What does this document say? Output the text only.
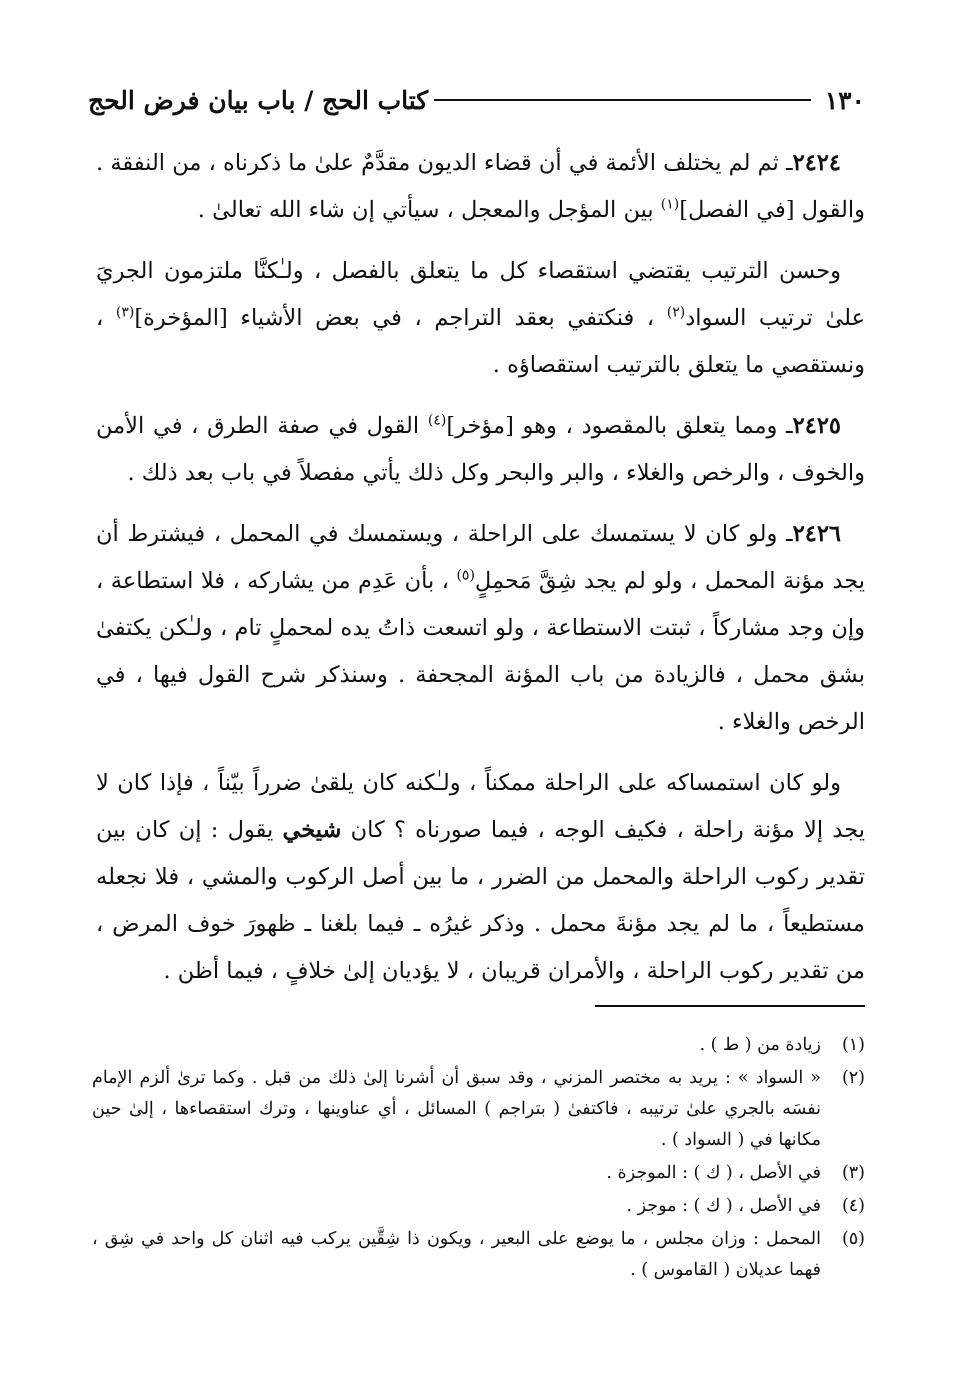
١٣٠
كتاب الحج / باب بيان فرض الحج

٢٤٢٤ـ ثم لم يختلف الأئمة في أن قضاء الديون مقدَّمٌ علىٰ ما ذكرناه ، من النفقة . والقول [في الفصل]$^{(١)}$ بين المؤجل والمعجل ، سيأتي إن شاء الله تعالىٰ .

وحسن الترتيب يقتضي استقصاء كل ما يتعلق بالفصل ، ولـٰكنَّا ملتزمون الجريَ علىٰ ترتيب السواد$^{(٢)}$ ، فنكتفي بعقد التراجم ، في بعض الأشياء [المؤخرة]$^{(٣)}$ ، ونستقصي ما يتعلق بالترتيب استقصاؤه .

٢٤٢٥ـ ومما يتعلق بالمقصود ، وهو [مؤخر]$^{(٤)}$ القول في صفة الطرق ، في الأمن والخوف ، والرخص والغلاء ، والبر والبحر وكل ذلك يأتي مفصلاً في باب بعد ذلك .

٢٤٢٦ـ ولو كان لا يستمسك على الراحلة ، ويستمسك في المحمل ، فيشترط أن يجد مؤنة المحمل ، ولو لم يجد شِقَّ مَحمِلٍ$^{(٥)}$ ، بأن عَدِم من يشاركه ، فلا استطاعة ، وإن وجد مشاركاً ، ثبتت الاستطاعة ، ولو اتسعت ذاتُ يده لمحملٍ تام ، ولـٰكن يكتفىٰ بشق محمل ، فالزيادة من باب المؤنة المجحفة . وسنذكر شرح القول فيها ، في الرخص والغلاء .

ولو كان استمساكه على الراحلة ممكناً ، ولـٰكنه كان يلقىٰ ضرراً بيّناً ، فإذا كان لا يجد إلا مؤنة راحلة ، فكيف الوجه ، فيما صورناه ؟ كان شيخي يقول : إن كان بين تقدير ركوب الراحلة والمحمل من الضرر ، ما بين أصل الركوب والمشي ، فلا نجعله مستطيعاً ، ما لم يجد مؤنةَ محمل . وذكر غيرُه ـ فيما بلغنا ـ ظهورَ خوف المرض ، من تقدير ركوب الراحلة ، والأمران قريبان ، لا يؤديان إلىٰ خلافٍ ، فيما أظن .

(١)
زيادة من ( ط ) .
(٢)
« السواد » : يريد به مختصر المزني ، وقد سبق أن أشرنا إلىٰ ذلك من قبل . وكما ترىٰ ألزم الإمام نفسَه بالجري علىٰ ترتيبه ، فاكتفىٰ ( بتراجم ) المسائل ، أي عناوينها ، وترك استقصاءها ، إلىٰ حين مكانها في ( السواد ) .
(٣)
في الأصل ، ( ك ) : الموجزة .
(٤)
في الأصل ، ( ك ) : موجز .
(٥)
المحمل : وزان مجلس ، ما يوضع على البعير ، ويكون ذا شِقَّين يركب فيه اثنان كل واحد في شِق ، فهما عديلان ( القاموس ) .
